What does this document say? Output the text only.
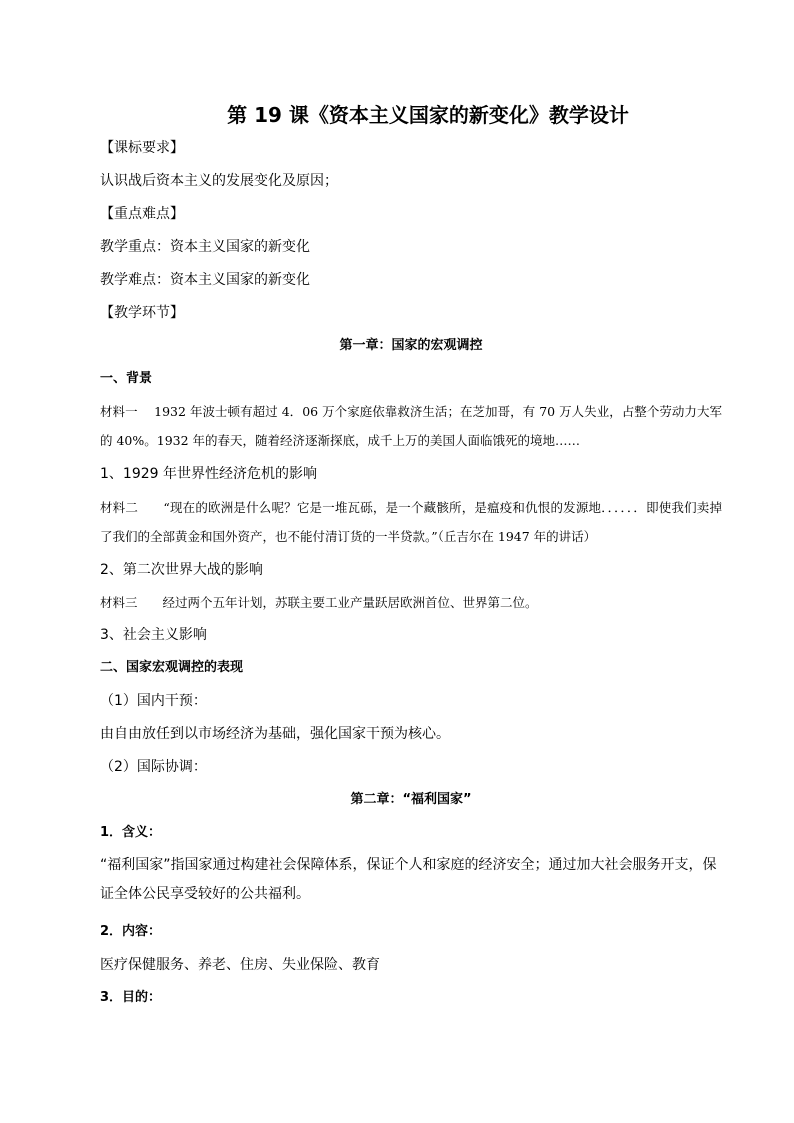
第 19 课《资本主义国家的新变化》教学设计

【课标要求】

认识战后资本主义的发展变化及原因；

【重点难点】

教学重点：资本主义国家的新变化

教学难点：资本主义国家的新变化

【教学环节】

第一章：国家的宏观调控

一、背景

材料一　 1932 年波士顿有超过 4．06 万个家庭依靠救济生活；在芝加哥，有 70 万人失业，占整个劳动力大军的 40%。1932 年的春天，随着经济逐渐探底，成千上万的美国人面临饿死的境地……

1、1929 年世界性经济危机的影响

材料二　　“现在的欧洲是什么呢？它是一堆瓦砾，是一个藏骸所，是瘟疫和仇恨的发源地．．．．．．即使我们卖掉了我们的全部黄金和国外资产，也不能付清订货的一半贷款。”（丘吉尔在 1947 年的讲话）

2、第二次世界大战的影响

材料三　　经过两个五年计划，苏联主要工业产量跃居欧洲首位、世界第二位。

3、社会主义影响

二、国家宏观调控的表现

（1）国内干预：

由自由放任到以市场经济为基础，强化国家干预为核心。

（2）国际协调：

第二章：“福利国家”

1．含义：

“福利国家”指国家通过构建社会保障体系，保证个人和家庭的经济安全；通过加大社会服务开支，保证全体公民享受较好的公共福利。

2．内容：

医疗保健服务、养老、住房、失业保险、教育

3．目的：
